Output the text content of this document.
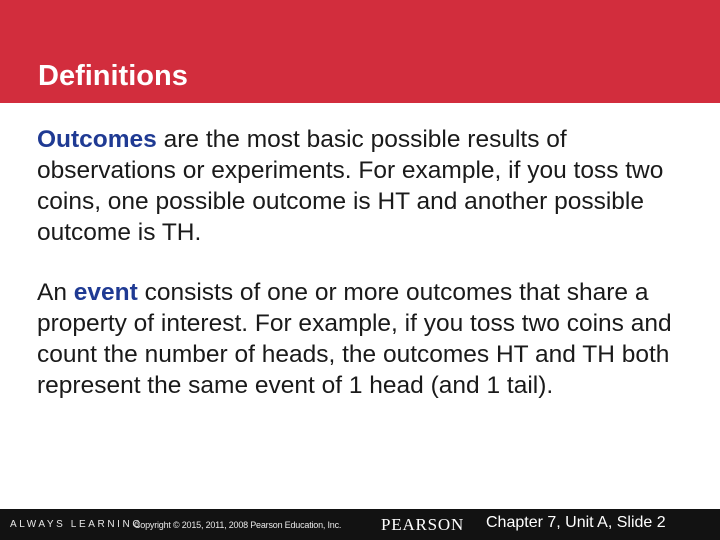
Definitions

Outcomes are the most basic possible results of observations or experiments. For example, if you toss two coins, one possible outcome is HT and another possible outcome is TH.

An event consists of one or more outcomes that share a property of interest. For example, if you toss two coins and count the number of heads, the outcomes HT and TH both represent the same event of 1 head (and 1 tail).

ALWAYS LEARNING
Copyright © 2015, 2011, 2008 Pearson Education, Inc. PEARSON Chapter 7, Unit A, Slide 2
